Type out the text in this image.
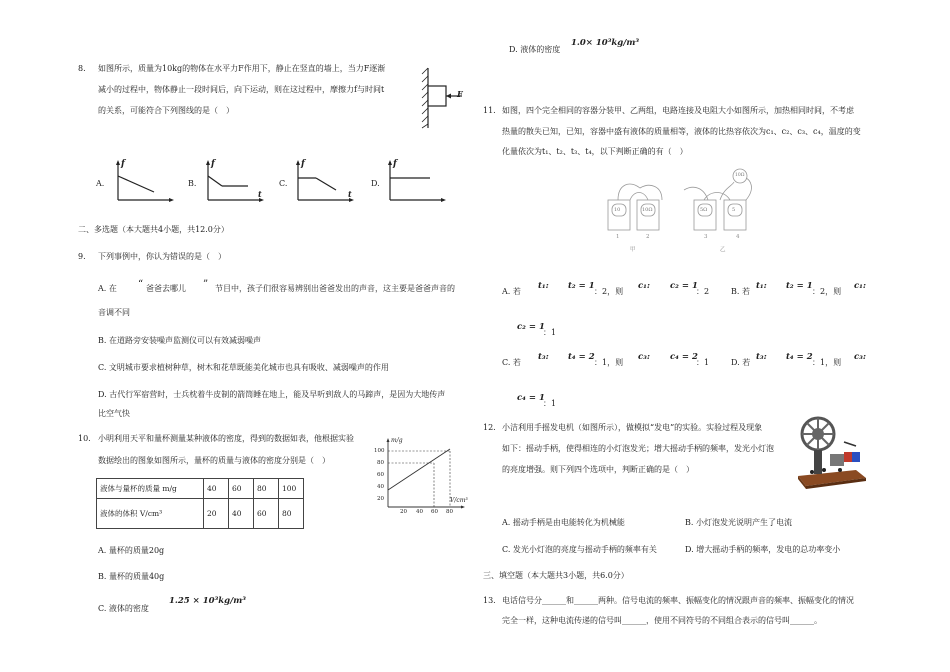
8. 如图所示，质量为10kg的物体在水平力F作用下，静止在竖直的墙上，当力F逐渐
减小的过程中，物体静止一段时间后，向下运动，则在这过程中，摩擦力f与时间t
的关系，可能符合下列图线的是（　）
F
A.
f
B.
f
t
C.
f
t
D.
f
二、多选题（本大题共4小题，共12.0分）
9. 下列事例中，你认为错误的是（　）
A. 在 “ 爸爸去哪儿 ” 节目中，孩子们很容易辨别出爸爸发出的声音，这主要是爸爸声音的
音调不同
B. 在道路旁安装噪声监测仪可以有效减弱噪声
C. 文明城市要求植树种草，树木和花草既能美化城市也具有吸收、减弱噪声的作用
D. 古代行军宿营时，士兵枕着牛皮制的箭筒睡在地上，能及早听到敌人的马蹄声，是因为大地传声
比空气快
10. 小明利用天平和量杯测量某种液体的密度，得到的数据如表，他根据实验
数据绘出的图象如图所示，量杯的质量与液体的密度分别是（　）
液体与量杯的质量 m/g	40	60	80	100
液体的体积 V/cm³	20	40	60	80
m/g
V/cm³
100
80
60
40
20
20 40 60 80
A. 量杯的质量20g
B. 量杯的质量40g
C. 液体的密度
1.25 × 10³kg/m³
D. 液体的密度
1.0× 10³kg/m³
11. 如图，四个完全相同的容器分装甲、乙两组，电路连接及电阻大小如图所示，加热相同时间，不考虑
热量的散失已知，已知，容器中盛有液体的质量相等，液体的比热容依次为c₁、c₂、c₃、c₄，温度的变
化量依次为t₁、t₂、t₃、t₄，以下判断正确的有（　）
10	10Ω	5Ω	5
10Ω
1	2	3	4
甲	乙
A. 若
t₁: t₂ = 1
：2，则
c₁: c₂ = 1
：2	B. 若
t₁: t₂ = 1
：2，则
c₁:
c₂ = 1
：1
C. 若
t₃: t₄ = 2
：1，则
c₃: c₄ = 2
：1	D. 若
t₃: t₄ = 2
：1，则
c₃:
c₄ = 1
：1
12. 小洁利用手摇发电机（如图所示），做模拟“发电”的实验。实验过程及现象
如下：摇动手柄，使得相连的小灯泡发光；增大摇动手柄的频率，发光小灯泡
的亮度增强。则下列四个选项中，判断正确的是（　）
A. 摇动手柄是由电能转化为机械能	B. 小灯泡发光说明产生了电流
C. 发光小灯泡的亮度与摇动手柄的频率有关	D. 增大摇动手柄的频率，发电的总功率变小
三、填空题（本大题共3小题，共6.0分）
13. 电话信号分______和______两种。信号电流的频率、振幅变化的情况跟声音的频率、振幅变化的情况
完全一样，这种电流传递的信号叫______，使用不同符号的不同组合表示的信号叫______。
